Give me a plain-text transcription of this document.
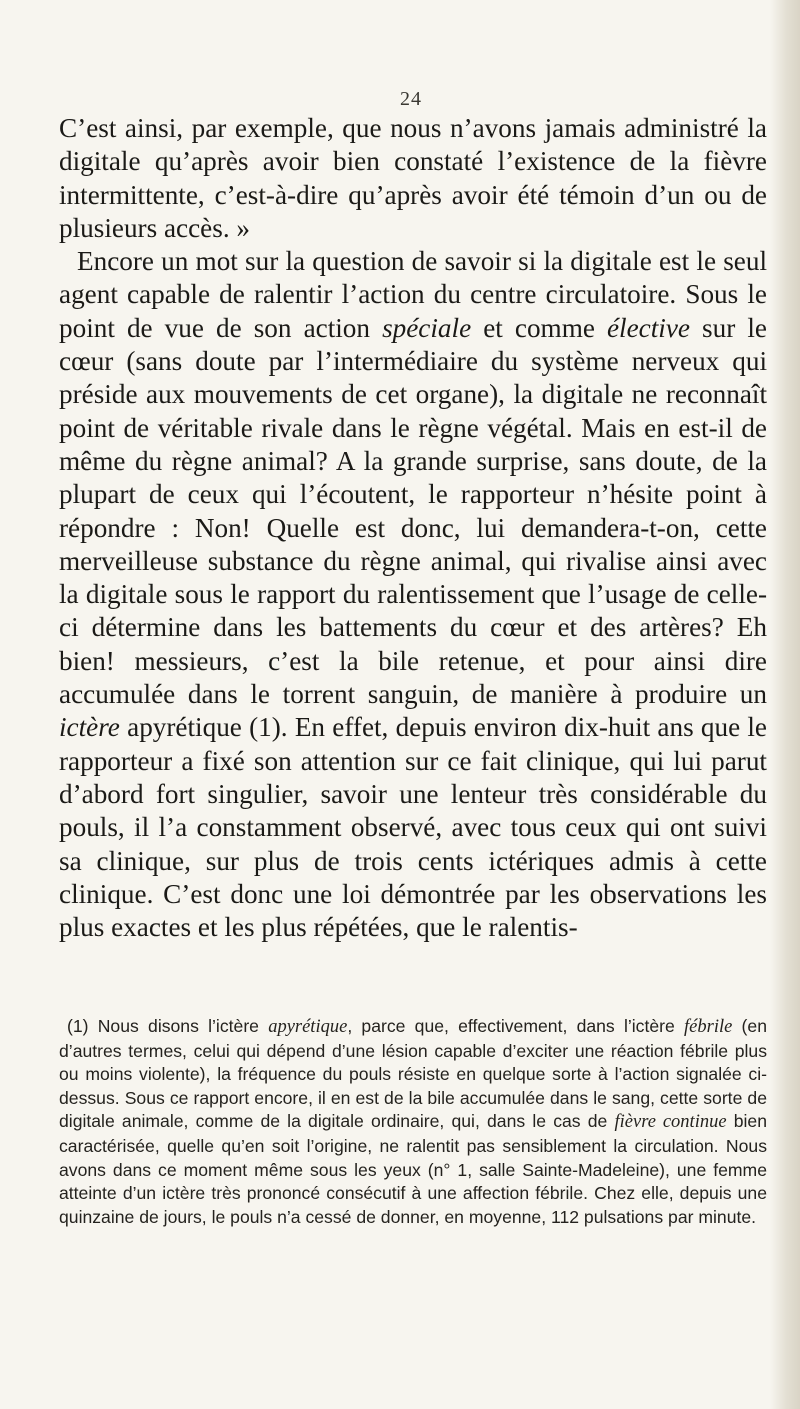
24

C’est ainsi, par exemple, que nous n’avons jamais administré la digitale qu’après avoir bien constaté l’existence de la fièvre intermittente, c’est-à-dire qu’après avoir été témoin d’un ou de plusieurs accès. »

Encore un mot sur la question de savoir si la digitale est le seul agent capable de ralentir l’action du centre circulatoire. Sous le point de vue de son action spéciale et comme élective sur le cœur (sans doute par l’intermédiaire du système nerveux qui préside aux mouvements de cet organe), la digitale ne reconnaît point de véritable rivale dans le règne végétal. Mais en est-il de même du règne animal? A la grande surprise, sans doute, de la plupart de ceux qui l’écoutent, le rapporteur n’hésite point à répondre : Non! Quelle est donc, lui demandera-t-on, cette merveilleuse substance du règne animal, qui rivalise ainsi avec la digitale sous le rapport du ralentissement que l’usage de celle-ci détermine dans les battements du cœur et des artères? Eh bien! messieurs, c’est la bile retenue, et pour ainsi dire accumulée dans le torrent sanguin, de manière à produire un ictère apyrétique (1). En effet, depuis environ dix-huit ans que le rapporteur a fixé son attention sur ce fait clinique, qui lui parut d’abord fort singulier, savoir une lenteur très considérable du pouls, il l’a constamment observé, avec tous ceux qui ont suivi sa clinique, sur plus de trois cents ictériques admis à cette clinique. C’est donc une loi démontrée par les observations les plus exactes et les plus répétées, que le ralentis-

(1) Nous disons l’ictère apyrétique, parce que, effectivement, dans l’ictère fébrile (en d’autres termes, celui qui dépend d’une lésion capable d’exciter une réaction fébrile plus ou moins violente), la fréquence du pouls résiste en quelque sorte à l’action signalée ci-dessus. Sous ce rapport encore, il en est de la bile accumulée dans le sang, cette sorte de digitale animale, comme de la digitale ordinaire, qui, dans le cas de fièvre continue bien caractérisée, quelle qu’en soit l’origine, ne ralentit pas sensiblement la circulation. Nous avons dans ce moment même sous les yeux (n° 1, salle Sainte-Madeleine), une femme atteinte d’un ictère très prononcé consécutif à une affection fébrile. Chez elle, depuis une quinzaine de jours, le pouls n’a cessé de donner, en moyenne, 112 pulsations par minute.
